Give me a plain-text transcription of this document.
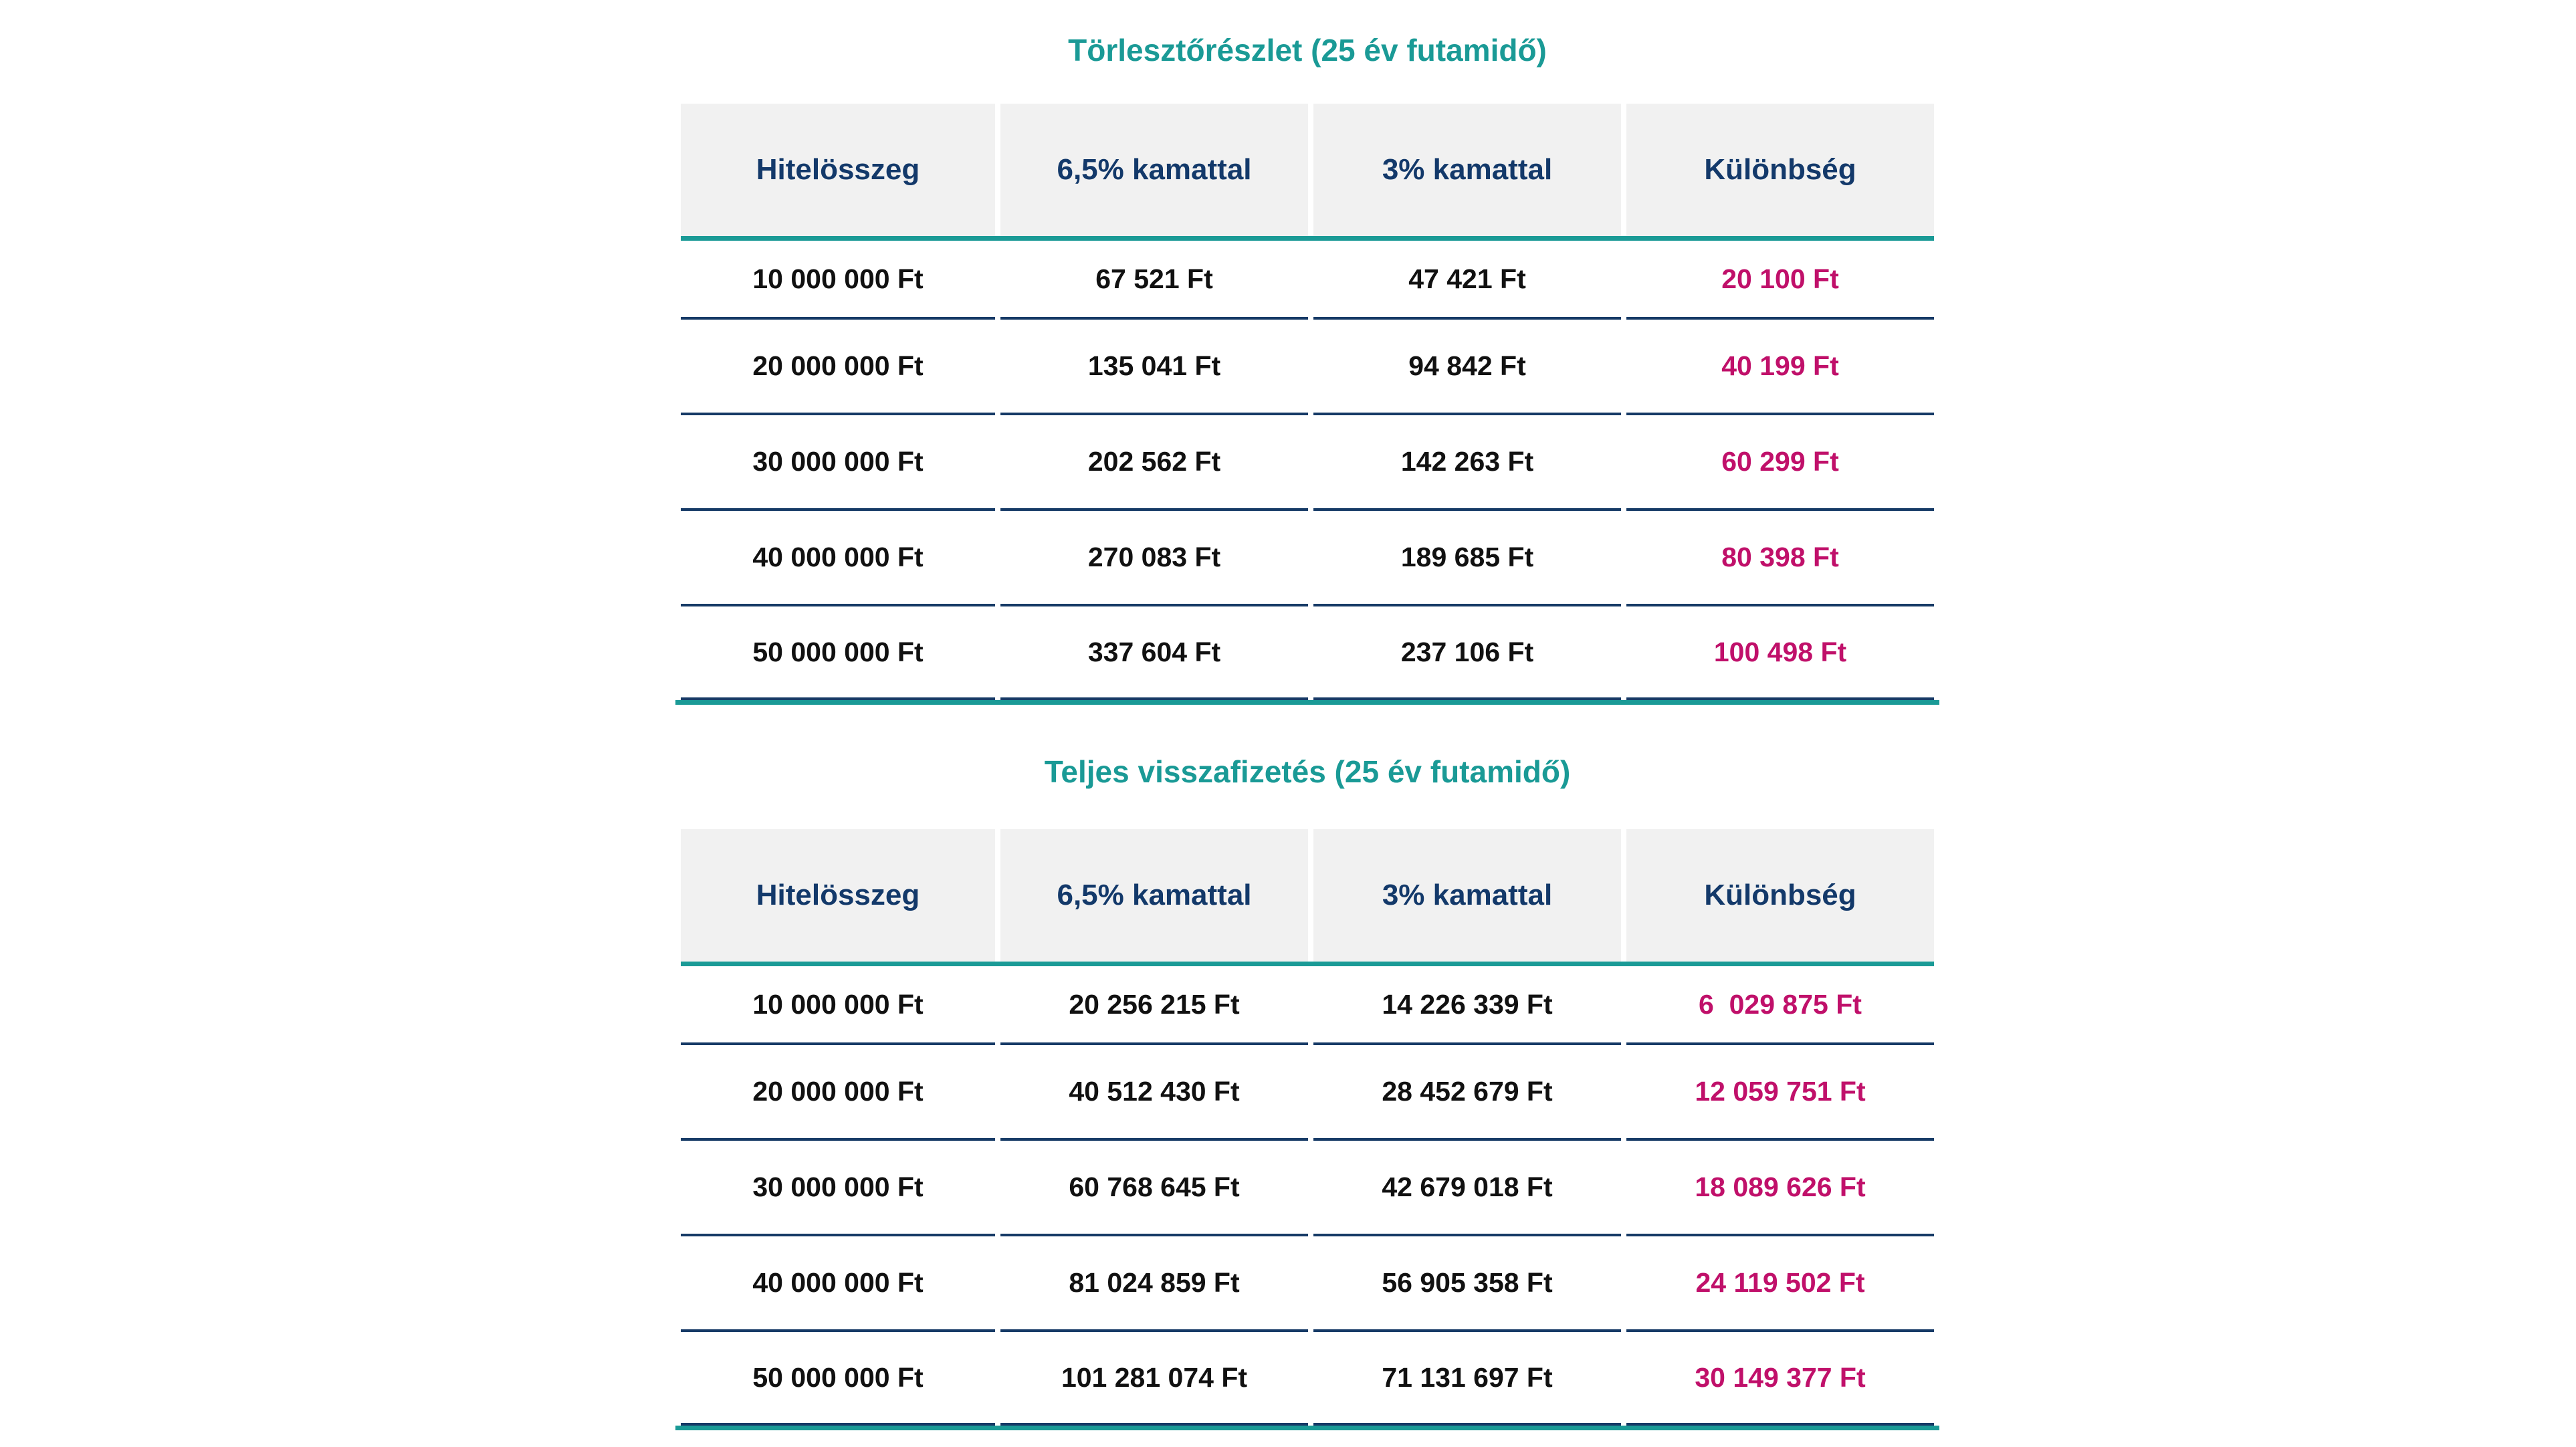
Törlesztőrészlet (25 év futamidő)
Hitelösszeg	6,5% kamattal	3% kamattal	Különbség
10 000 000 Ft	67 521 Ft	47 421 Ft	20 100 Ft
20 000 000 Ft	135 041 Ft	94 842 Ft	40 199 Ft
30 000 000 Ft	202 562 Ft	142 263 Ft	60 299 Ft
40 000 000 Ft	270 083 Ft	189 685 Ft	80 398 Ft
50 000 000 Ft	337 604 Ft	237 106 Ft	100 498 Ft
Teljes visszafizetés (25 év futamidő)
Hitelösszeg	6,5% kamattal	3% kamattal	Különbség
10 000 000 Ft	20 256 215 Ft	14 226 339 Ft	6  029 875 Ft
20 000 000 Ft	40 512 430 Ft	28 452 679 Ft	12 059 751 Ft
30 000 000 Ft	60 768 645 Ft	42 679 018 Ft	18 089 626 Ft
40 000 000 Ft	81 024 859 Ft	56 905 358 Ft	24 119 502 Ft
50 000 000 Ft	101 281 074 Ft	71 131 697 Ft	30 149 377 Ft
